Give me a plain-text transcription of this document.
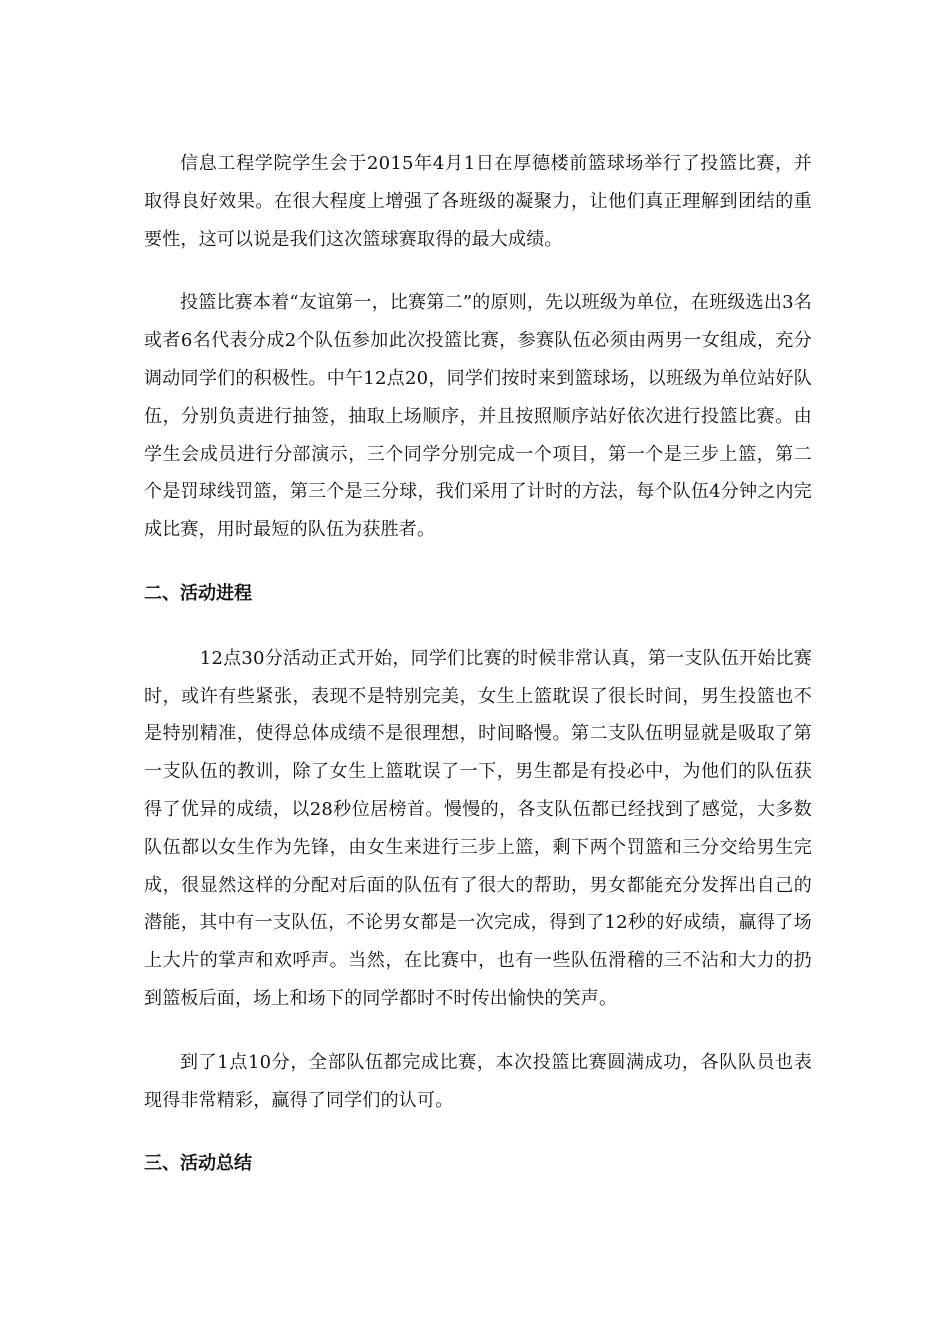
信息工程学院学生会于2015年4月1日在厚德楼前篮球场举行了投篮比赛，并取得良好效果。在很大程度上增强了各班级的凝聚力，让他们真正理解到团结的重要性，这可以说是我们这次篮球赛取得的最大成绩。

投篮比赛本着“友谊第一，比赛第二”的原则，先以班级为单位，在班级选出3名或者6名代表分成2个队伍参加此次投篮比赛，参赛队伍必须由两男一女组成，充分调动同学们的积极性。中午12点20，同学们按时来到篮球场，以班级为单位站好队伍，分别负责进行抽签，抽取上场顺序，并且按照顺序站好依次进行投篮比赛。由学生会成员进行分部演示，三个同学分别完成一个项目，第一个是三步上篮，第二个是罚球线罚篮，第三个是三分球，我们采用了计时的方法，每个队伍4分钟之内完成比赛，用时最短的队伍为获胜者。

二、活动进程

12点30分活动正式开始，同学们比赛的时候非常认真，第一支队伍开始比赛时，或许有些紧张，表现不是特别完美，女生上篮耽误了很长时间，男生投篮也不是特别精准，使得总体成绩不是很理想，时间略慢。第二支队伍明显就是吸取了第一支队伍的教训，除了女生上篮耽误了一下，男生都是有投必中，为他们的队伍获得了优异的成绩，以28秒位居榜首。慢慢的，各支队伍都已经找到了感觉，大多数队伍都以女生作为先锋，由女生来进行三步上篮，剩下两个罚篮和三分交给男生完成，很显然这样的分配对后面的队伍有了很大的帮助，男女都能充分发挥出自己的潜能，其中有一支队伍，不论男女都是一次完成，得到了12秒的好成绩，赢得了场上大片的掌声和欢呼声。当然，在比赛中，也有一些队伍滑稽的三不沾和大力的扔到篮板后面，场上和场下的同学都时不时传出愉快的笑声。

到了1点10分，全部队伍都完成比赛，本次投篮比赛圆满成功，各队队员也表现得非常精彩，赢得了同学们的认可。

三、活动总结
